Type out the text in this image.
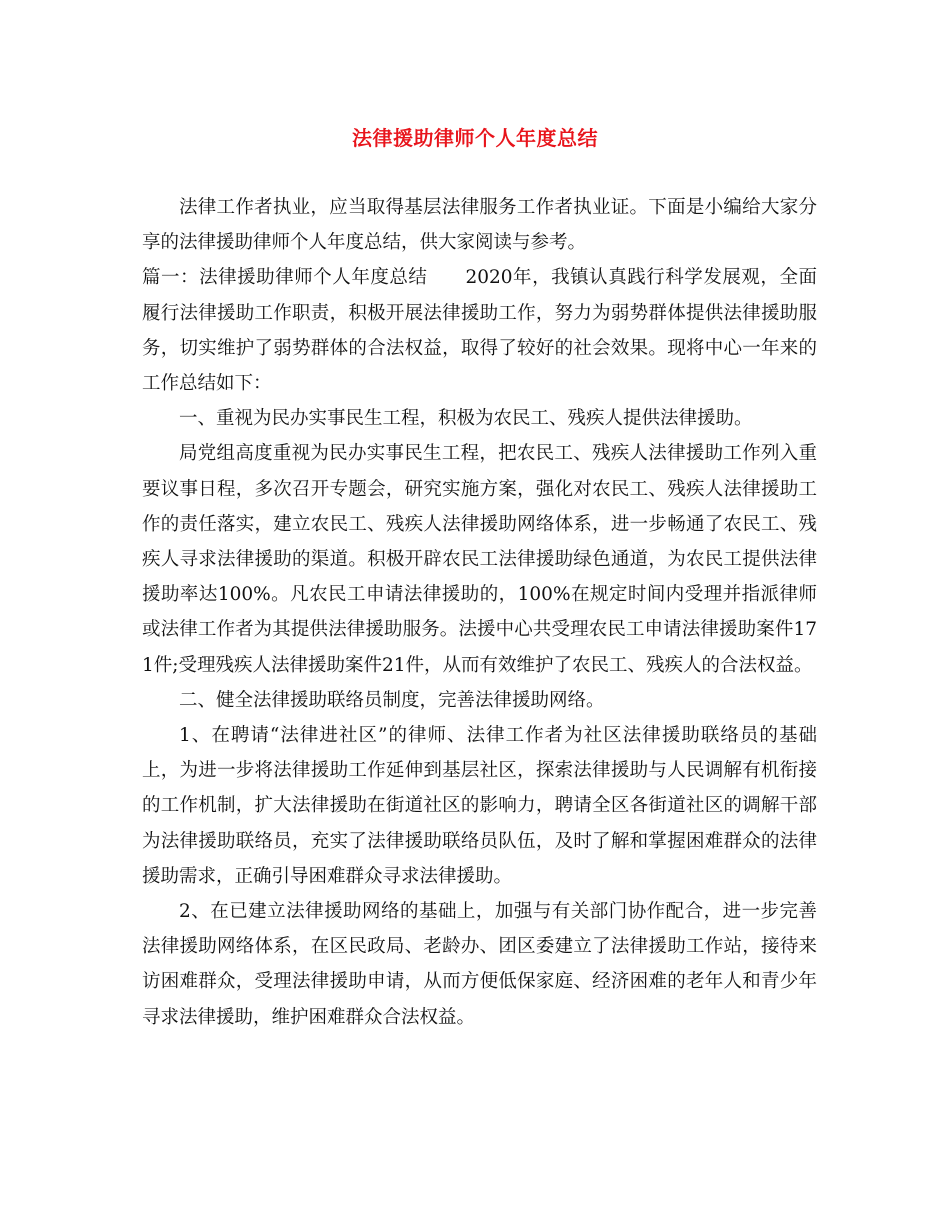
法律援助律师个人年度总结

法律工作者执业，应当取得基层法律服务工作者执业证。下面是小编给大家分享的法律援助律师个人年度总结，供大家阅读与参考。

篇一：法律援助律师个人年度总结 2020年，我镇认真践行科学发展观，全面履行法律援助工作职责，积极开展法律援助工作，努力为弱势群体提供法律援助服务，切实维护了弱势群体的合法权益，取得了较好的社会效果。现将中心一年来的工作总结如下：

一、重视为民办实事民生工程，积极为农民工、残疾人提供法律援助。

局党组高度重视为民办实事民生工程，把农民工、残疾人法律援助工作列入重要议事日程，多次召开专题会，研究实施方案，强化对农民工、残疾人法律援助工作的责任落实，建立农民工、残疾人法律援助网络体系，进一步畅通了农民工、残疾人寻求法律援助的渠道。积极开辟农民工法律援助绿色通道，为农民工提供法律援助率达100%。凡农民工申请法律援助的，100%在规定时间内受理并指派律师或法律工作者为其提供法律援助服务。法援中心共受理农民工申请法律援助案件171件;受理残疾人法律援助案件21件，从而有效维护了农民工、残疾人的合法权益。

二、健全法律援助联络员制度，完善法律援助网络。

1、在聘请“法律进社区”的律师、法律工作者为社区法律援助联络员的基础上，为进一步将法律援助工作延伸到基层社区，探索法律援助与人民调解有机衔接的工作机制，扩大法律援助在街道社区的影响力，聘请全区各街道社区的调解干部为法律援助联络员，充实了法律援助联络员队伍，及时了解和掌握困难群众的法律援助需求，正确引导困难群众寻求法律援助。

2、在已建立法律援助网络的基础上，加强与有关部门协作配合，进一步完善法律援助网络体系，在区民政局、老龄办、团区委建立了法律援助工作站，接待来访困难群众，受理法律援助申请，从而方便低保家庭、经济困难的老年人和青少年寻求法律援助，维护困难群众合法权益。
